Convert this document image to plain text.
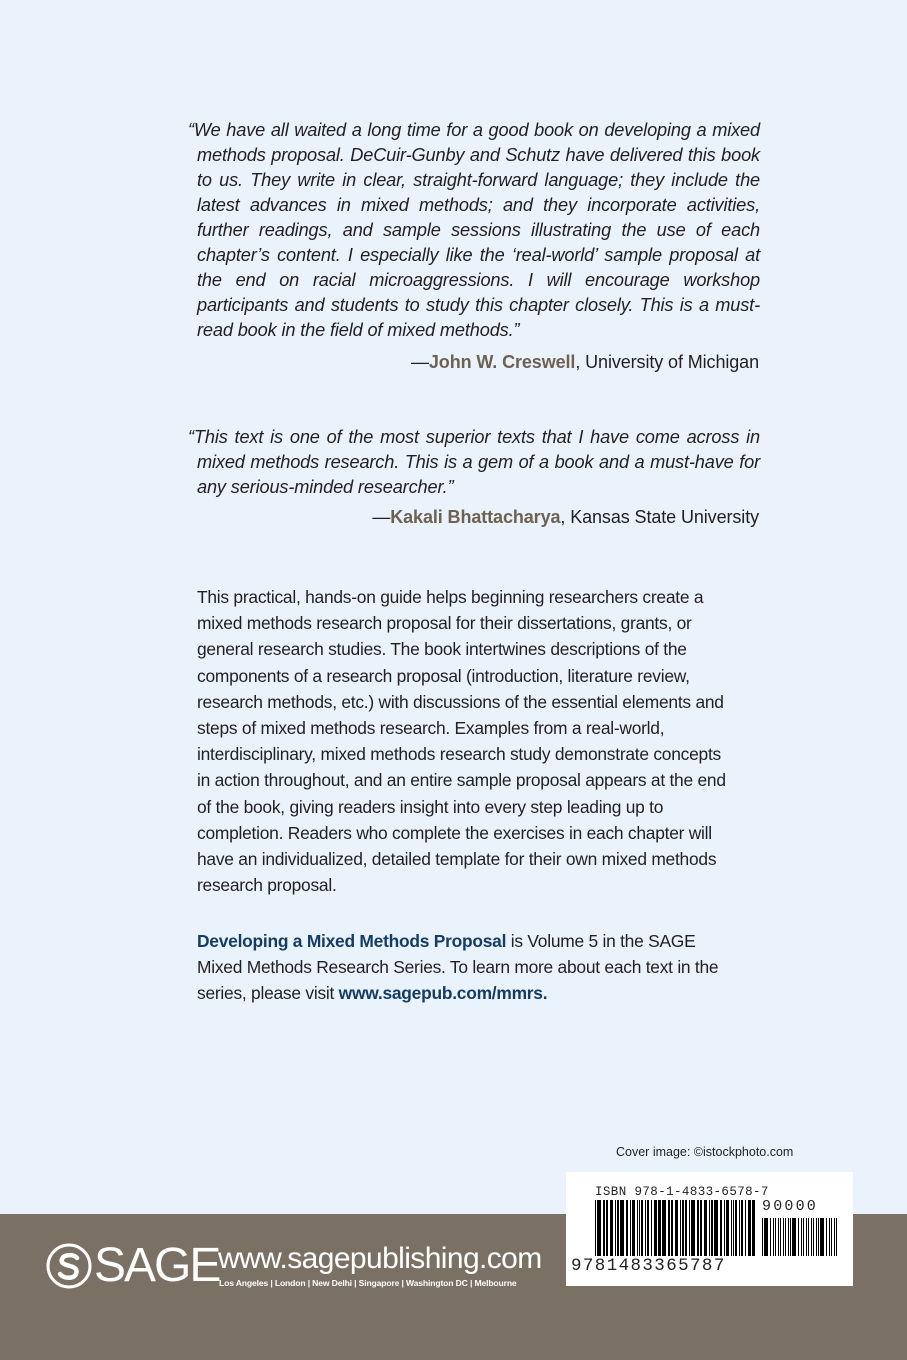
“We have all waited a long time for a good book on developing a mixed methods proposal. DeCuir-Gunby and Schutz have delivered this book to us. They write in clear, straight-forward language; they include the latest advances in mixed methods; and they incorporate activities, further readings, and sample sessions illustrating the use of each chapter’s content. I especially like the ‘real-world’ sample proposal at the end on racial microaggressions. I will encourage workshop participants and students to study this chapter closely. This is a must-read book in the field of mixed methods.”
—John W. Creswell, University of Michigan
“This text is one of the most superior texts that I have come across in mixed methods research. This is a gem of a book and a must-have for any serious-minded researcher.”
—Kakali Bhattacharya, Kansas State University
This practical, hands-on guide helps beginning researchers create a mixed methods research proposal for their dissertations, grants, or general research studies. The book intertwines descriptions of the components of a research proposal (introduction, literature review, research methods, etc.) with discussions of the essential elements and steps of mixed methods research. Examples from a real-world, interdisciplinary, mixed methods research study demonstrate concepts in action throughout, and an entire sample proposal appears at the end of the book, giving readers insight into every step leading up to completion. Readers who complete the exercises in each chapter will have an individualized, detailed template for their own mixed methods research proposal.
Developing a Mixed Methods Proposal is Volume 5 in the SAGE Mixed Methods Research Series. To learn more about each text in the series, please visit www.sagepub.com/mmrs.
Cover image: ©istockphoto.com
SAGE
www.sagepublishing.com
Los Angeles | London | New Delhi | Singapore | Washington DC | Melbourne
ISBN 978-1-4833-6578-7
9781483365787
90000
